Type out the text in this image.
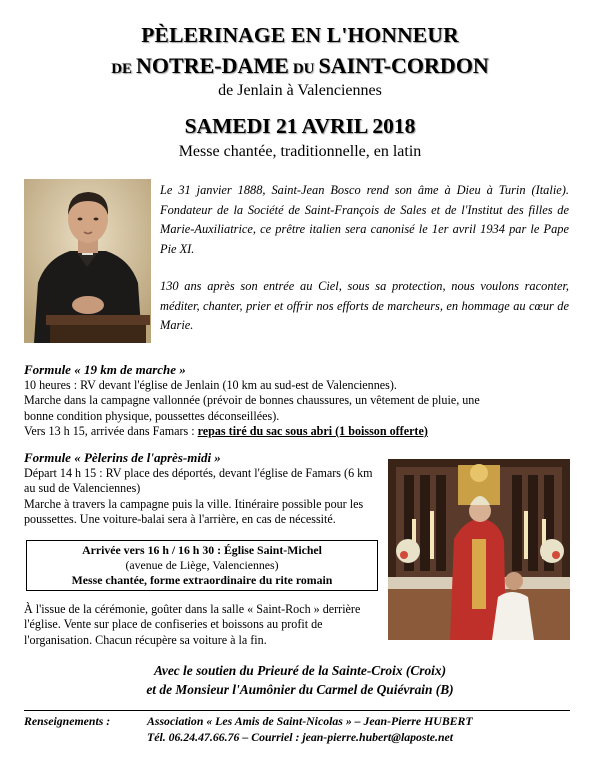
PÈLERINAGE EN L'HONNEUR
DE NOTRE-DAME DU SAINT-CORDON
de Jenlain à Valenciennes
SAMEDI 21 AVRIL 2018
Messe chantée, traditionnelle, en latin

Le 31 janvier 1888, Saint-Jean Bosco rend son âme à Dieu à Turin (Italie). Fondateur de la Société de Saint-François de Sales et de l'Institut des filles de Marie-Auxiliatrice, ce prêtre italien sera canonisé le 1er avril 1934 par le Pape Pie XI.

130 ans après son entrée au Ciel, sous sa protection, nous voulons raconter, méditer, chanter, prier et offrir nos efforts de marcheurs, en hommage au cœur de Marie.

Formule « 19 km de marche »
10 heures : RV devant l'église de Jenlain (10 km au sud-est de Valenciennes).
Marche dans la campagne vallonnée (prévoir de bonnes chaussures, un vêtement de pluie, une bonne condition physique, poussettes déconseillées).
Vers 13 h 15, arrivée dans Famars : repas tiré du sac sous abri (1 boisson offerte)
Formule « Pèlerins de l'après-midi »
Départ 14 h 15 : RV place des déportés, devant l'église de Famars (6 km au sud de Valenciennes)
Marche à travers la campagne puis la ville. Itinéraire possible pour les poussettes. Une voiture-balai sera à l'arrière, en cas de nécessité.
Arrivée vers 16 h / 16 h 30 : Église Saint-Michel
(avenue de Liège, Valenciennes)
Messe chantée, forme extraordinaire du rite romain
À l'issue de la cérémonie, goûter dans la salle « Saint-Roch » derrière l'église. Vente sur place de confiseries et boissons au profit de l'organisation. Chacun récupère sa voiture à la fin.
Avec le soutien du Prieuré de la Sainte-Croix (Croix)
et de Monsieur l'Aumônier du Carmel de Quiévrain (B)
Renseignements :	Association « Les Amis de Saint-Nicolas » – Jean-Pierre HUBERT
Tél. 06.24.47.66.76 – Courriel : jean-pierre.hubert@laposte.net
